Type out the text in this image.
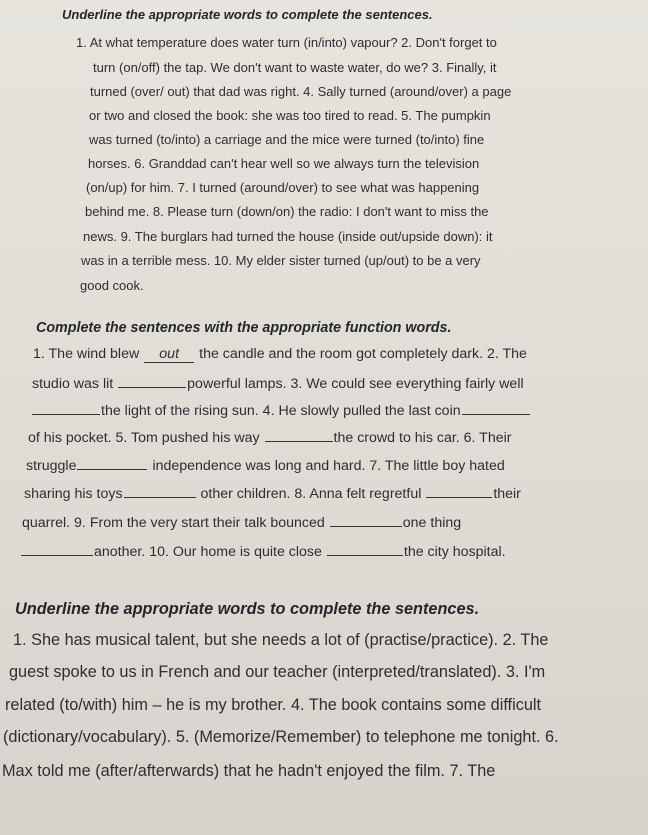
Underline the appropriate words to complete the sentences.
1. At what temperature does water turn (in/into) vapour? 2. Don't forget to
turn (on/off) the tap. We don't want to waste water, do we? 3. Finally, it
turned (over/ out) that dad was right. 4. Sally turned (around/over) a page
or two and closed the book: she was too tired to read. 5. The pumpkin
was turned (to/into) a carriage and the mice were turned (to/into) fine
horses. 6. Granddad can't hear well so we always turn the television
(on/up) for him. 7. I turned (around/over) to see what was happening
behind me. 8. Please turn (down/on) the radio: I don't want to miss the
news. 9. The burglars had turned the house (inside out/upside down): it
was in a terrible mess. 10. My elder sister turned (up/out) to be a very
good cook.
Complete the sentences with the appropriate function words.
1. The wind blew out the candle and the room got completely dark. 2. The
studio was lit	powerful lamps. 3. We could see everything fairly well
the light of the rising sun. 4. He slowly pulled the last coin
of his pocket. 5. Tom pushed his way	the crowd to his car. 6. Their
struggle	independence was long and hard. 7. The little boy hated
sharing his toys	other children. 8. Anna felt regretful	their
quarrel. 9. From the very start their talk bounced	one thing
another. 10. Our home is quite close	the city hospital.
Underline the appropriate words to complete the sentences.
1. She has musical talent, but she needs a lot of (practise/practice). 2. The
guest spoke to us in French and our teacher (interpreted/translated). 3. I'm
related (to/with) him – he is my brother. 4. The book contains some difficult
(dictionary/vocabulary). 5. (Memorize/Remember) to telephone me tonight. 6.
Max told me (after/afterwards) that he hadn't enjoyed the film. 7. The
